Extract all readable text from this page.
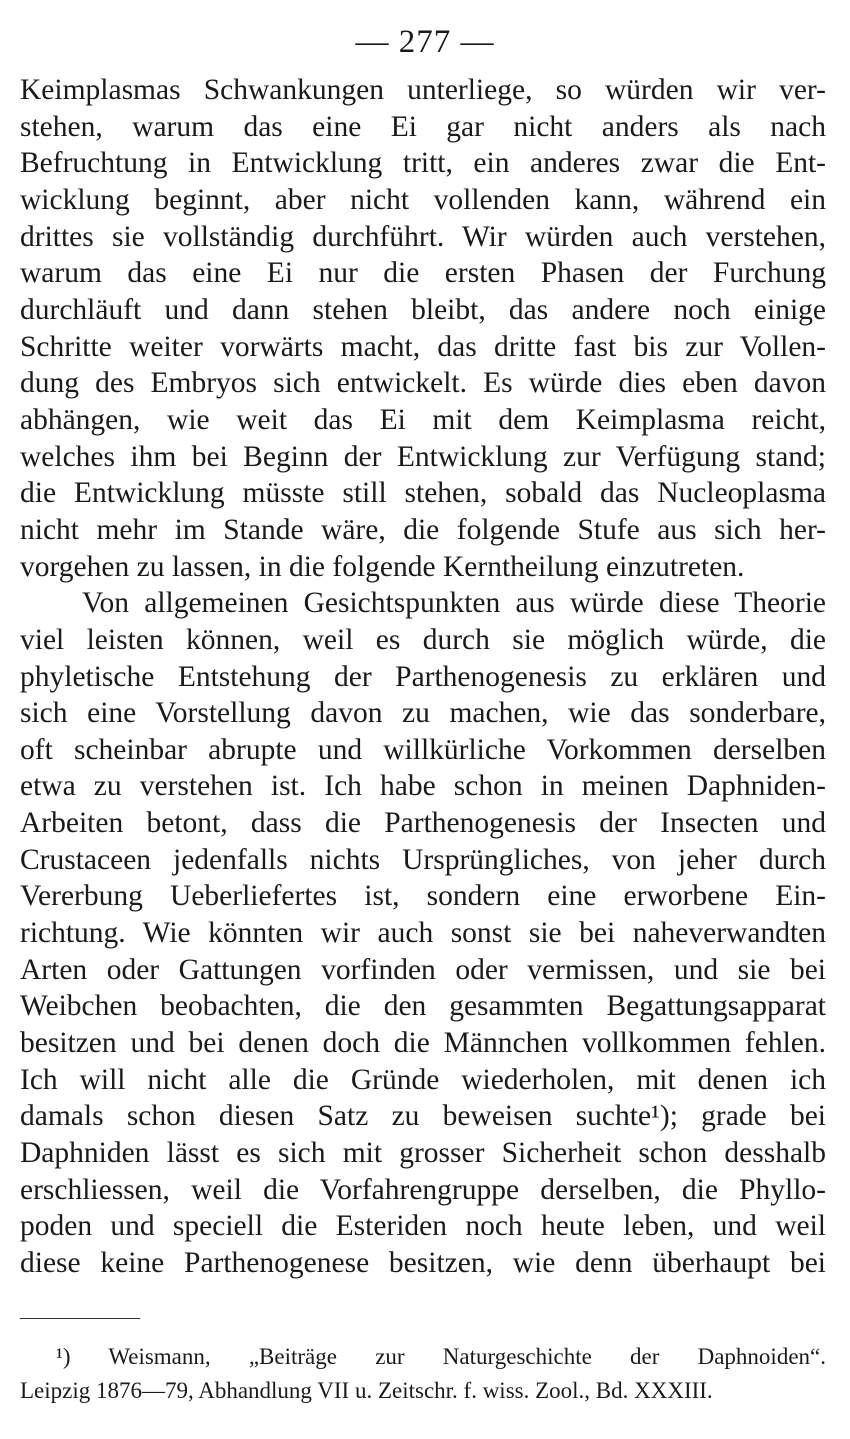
— 277 —
Keimplasmas Schwankungen unterliege, so würden wir ver-
stehen, warum das eine Ei gar nicht anders als nach
Befruchtung in Entwicklung tritt, ein anderes zwar die Ent-
wicklung beginnt, aber nicht vollenden kann, während ein
drittes sie vollständig durchführt. Wir würden auch verstehen,
warum das eine Ei nur die ersten Phasen der Furchung
durchläuft und dann stehen bleibt, das andere noch einige
Schritte weiter vorwärts macht, das dritte fast bis zur Vollen-
dung des Embryos sich entwickelt. Es würde dies eben davon
abhängen, wie weit das Ei mit dem Keimplasma reicht,
welches ihm bei Beginn der Entwicklung zur Verfügung stand;
die Entwicklung müsste still stehen, sobald das Nucleoplasma
nicht mehr im Stande wäre, die folgende Stufe aus sich her-
vorgehen zu lassen, in die folgende Kerntheilung einzutreten.
Von allgemeinen Gesichtspunkten aus würde diese Theorie
viel leisten können, weil es durch sie möglich würde, die
phyletische Entstehung der Parthenogenesis zu erklären und
sich eine Vorstellung davon zu machen, wie das sonderbare,
oft scheinbar abrupte und willkürliche Vorkommen derselben
etwa zu verstehen ist. Ich habe schon in meinen Daphniden-
Arbeiten betont, dass die Parthenogenesis der Insecten und
Crustaceen jedenfalls nichts Ursprüngliches, von jeher durch
Vererbung Ueberliefertes ist, sondern eine erworbene Ein-
richtung. Wie könnten wir auch sonst sie bei naheverwandten
Arten oder Gattungen vorfinden oder vermissen, und sie bei
Weibchen beobachten, die den gesammten Begattungsapparat
besitzen und bei denen doch die Männchen vollkommen fehlen.
Ich will nicht alle die Gründe wiederholen, mit denen ich
damals schon diesen Satz zu beweisen suchte¹); grade bei
Daphniden lässt es sich mit grosser Sicherheit schon desshalb
erschliessen, weil die Vorfahrengruppe derselben, die Phyllo-
poden und speciell die Esteriden noch heute leben, und weil
diese keine Parthenogenese besitzen, wie denn überhaupt bei
¹) Weismann, „Beiträge zur Naturgeschichte der Daphnoiden“.
Leipzig 1876—79, Abhandlung VII u. Zeitschr. f. wiss. Zool., Bd. XXXIII.
